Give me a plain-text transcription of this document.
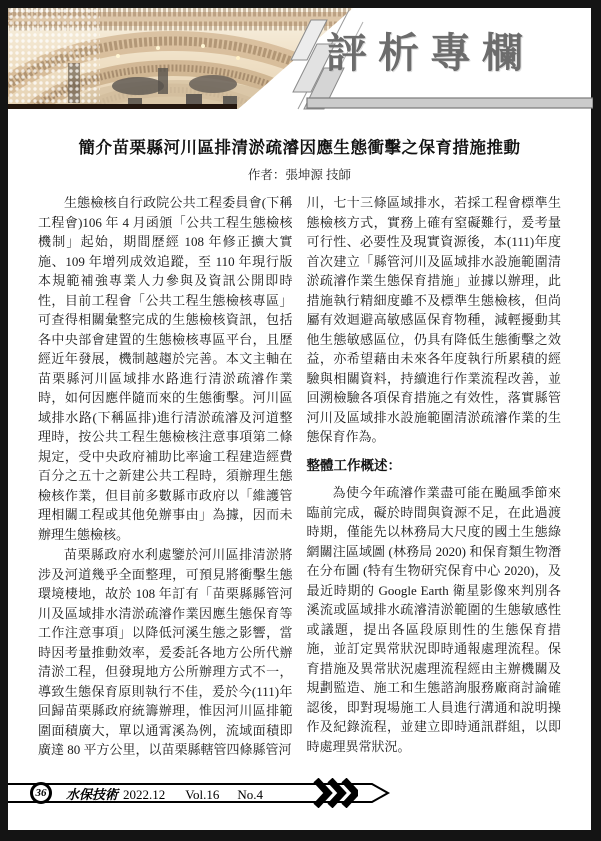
評析專欄
簡介苗栗縣河川區排清淤疏濬因應生態衝擊之保育措施推動
作者：張坤源 技師

生態檢核自行政院公共工程委員會(下稱工程會)106 年 4 月函頒「公共工程生態檢核機制」起始，期間歷經 108 年修正擴大實施、109 年增列成效追蹤，至 110 年現行版本規範補強專業人力參與及資訊公開即時性，目前工程會「公共工程生態檢核專區」可查得相關彙整完成的生態檢核資訊，包括各中央部會建置的生態檢核專區平台，且歷經近年發展，機制越趨於完善。本文主軸在苗栗縣河川區域排水路進行清淤疏濬作業時，如何因應伴隨而來的生態衝擊。河川區域排水路(下稱區排)進行清淤疏濬及河道整理時，按公共工程生態檢核注意事項第二條規定，受中央政府補助比率逾工程建造經費百分之五十之新建公共工程時，須辦理生態檢核作業，但目前多數縣市政府以「維護管理相關工程或其他免辦事由」為據，因而未辦理生態檢核。

苗栗縣政府水利處鑒於河川區排清淤將涉及河道幾乎全面整理，可預見將衝擊生態環境棲地，故於 108 年訂有「苗栗縣縣管河川及區域排水清淤疏濬作業因應生態保育等工作注意事項」以降低河溪生態之影響，當時因考量推動效率，爰委託各地方公所代辦清淤工程，但發現地方公所辦理方式不一，導致生態保育原則執行不佳，爰於今(111)年回歸苗栗縣政府統籌辦理，惟因河川區排範圍面積廣大，單以通霄溪為例，流域面積即廣達 80 平方公里，以苗栗縣轄管四條縣管河

川，七十三條區域排水，若採工程會標準生態檢核方式，實務上確有窒礙難行，爰考量可行性、必要性及現實資源後，本(111)年度首次建立「縣管河川及區域排水設施範圍清淤疏濬作業生態保育措施」並據以辦理，此措施執行精細度雖不及標準生態檢核，但尚屬有效迴避高敏感區保育物種，減輕擾動其他生態敏感區位，仍具有降低生態衝擊之效益，亦希望藉由未來各年度執行所累積的經驗與相關資料，持續進行作業流程改善，並回溯檢驗各項保育措施之有效性，落實縣管河川及區域排水設施範圍清淤疏濬作業的生態保育作為。

整體工作概述：

為使今年疏濬作業盡可能在颱風季節來臨前完成，礙於時間與資源不足，在此過渡時期，僅能先以林務局大尺度的國土生態綠網關注區域圖 (林務局 2020) 和保育類生物潛在分布圖 (特有生物研究保育中心 2020)，及最近時期的 Google Earth 衛星影像來判別各溪流或區域排水疏濬清淤範圍的生態敏感性或議題，提出各區段原則性的生態保育措施，並訂定異常狀況即時通報處理流程。保育措施及異常狀況處理流程經由主辦機關及規劃監造、施工和生態諮詢服務廠商討論確認後，即對現場施工人員進行溝通和說明操作及紀錄流程，並建立即時通訊群組，以即時處理異常狀況。

36	水保技術 2022.12 Vol.16 No.4
